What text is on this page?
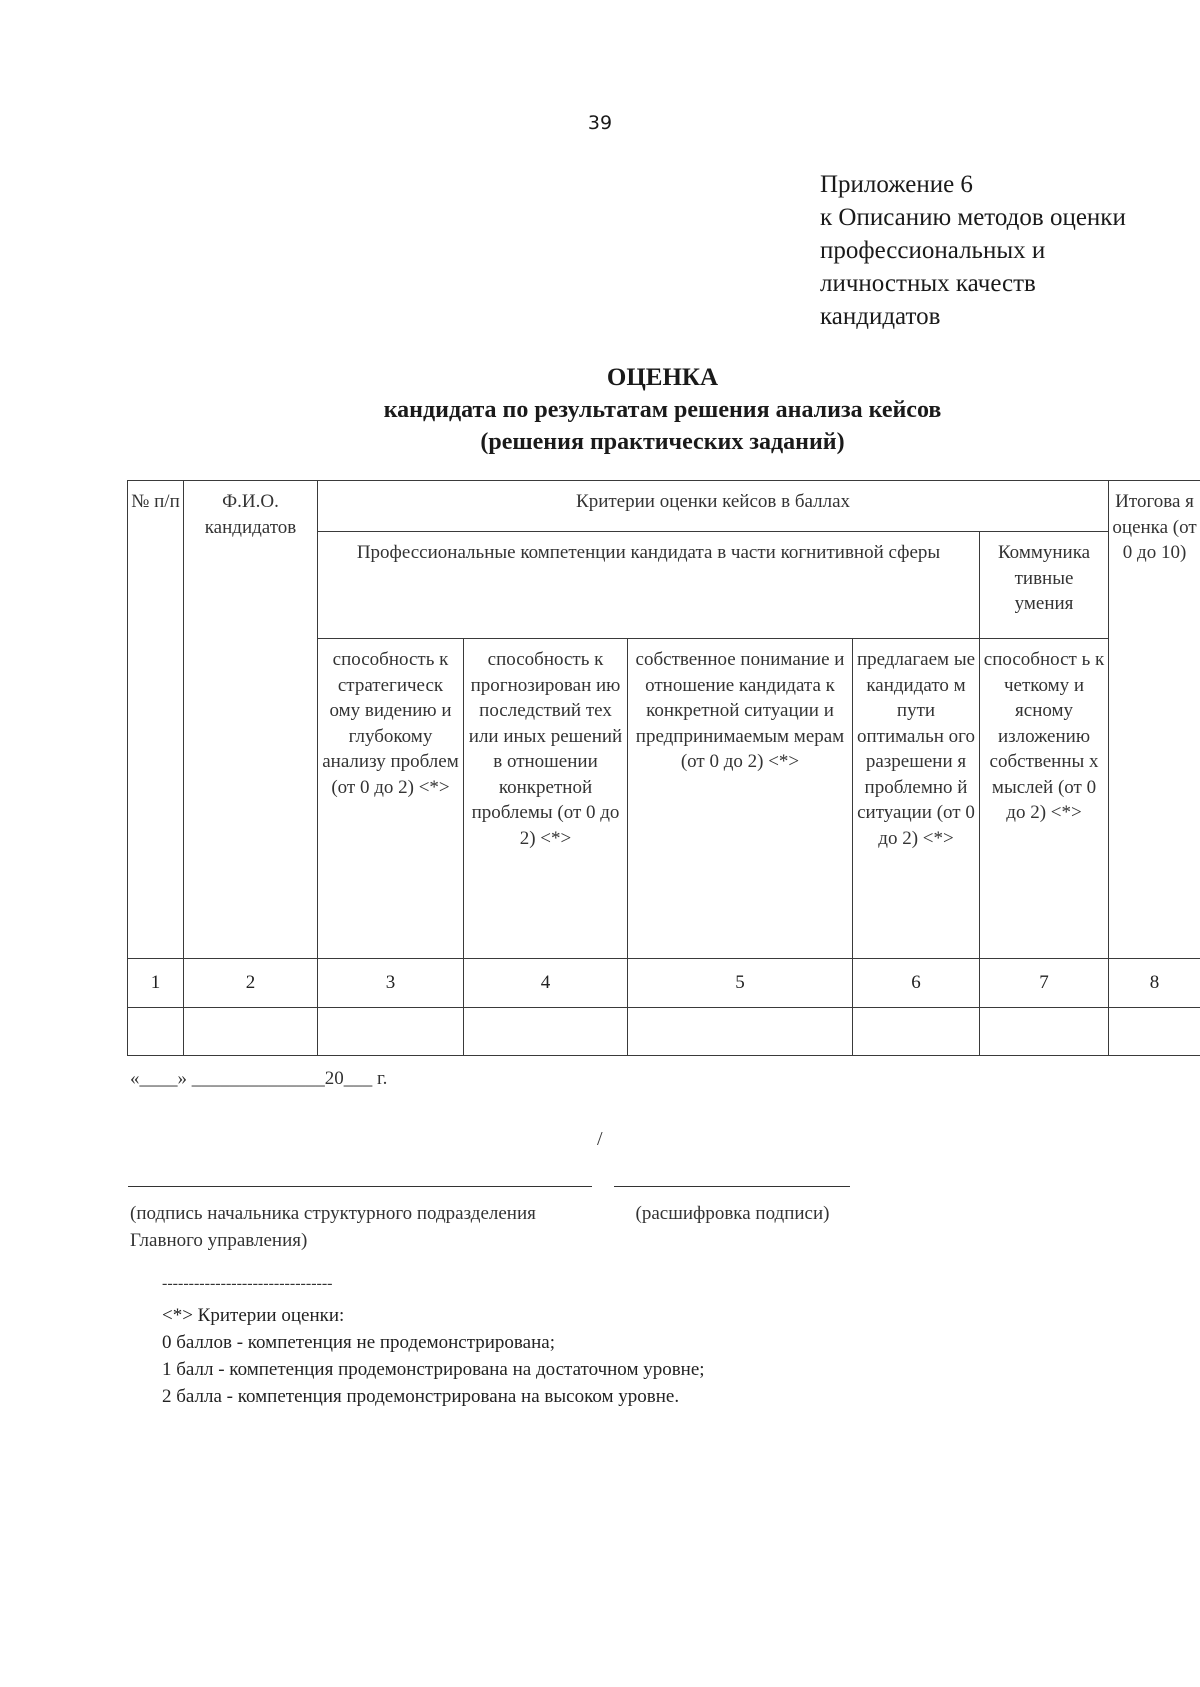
39
Приложение 6
к Описанию методов оценки
профессиональных и
личностных качеств
кандидатов
ОЦЕНКА
кандидата по результатам решения анализа кейсов
(решения практических заданий)
№ п/п	Ф.И.О. кандидатов	Критерии оценки кейсов в баллах					Итогова я оценка (от 0 до 10)
		Профессиональные компетенции кандидата в части когнитивной сферы				Коммуника тивные умения	
		способность к стратегическ ому видению и глубокому анализу проблем (от 0 до 2) <*>	способность к прогнозирован ию последствий тех или иных решений в отношении конкретной проблемы (от 0 до 2) <*>	собственное понимание и отношение кандидата к конкретной ситуации и предпринимаемым мерам (от 0 до 2) <*>	предлагаем ые кандидато м пути оптимальн ого разрешени я проблемно й ситуации (от 0 до 2) <*>	способност ь к четкому и ясному изложению собственны х мыслей (от 0 до 2) <*>	
1	2	3	4	5	6	7	8

«____» ______________20___ г.
/
(подпись начальника структурного подразделения Главного управления)
(расшифровка подписи)
--------------------------------
<*> Критерии оценки:
0 баллов - компетенция не продемонстрирована;
1 балл - компетенция продемонстрирована на достаточном уровне;
2 балла - компетенция продемонстрирована на высоком уровне.
